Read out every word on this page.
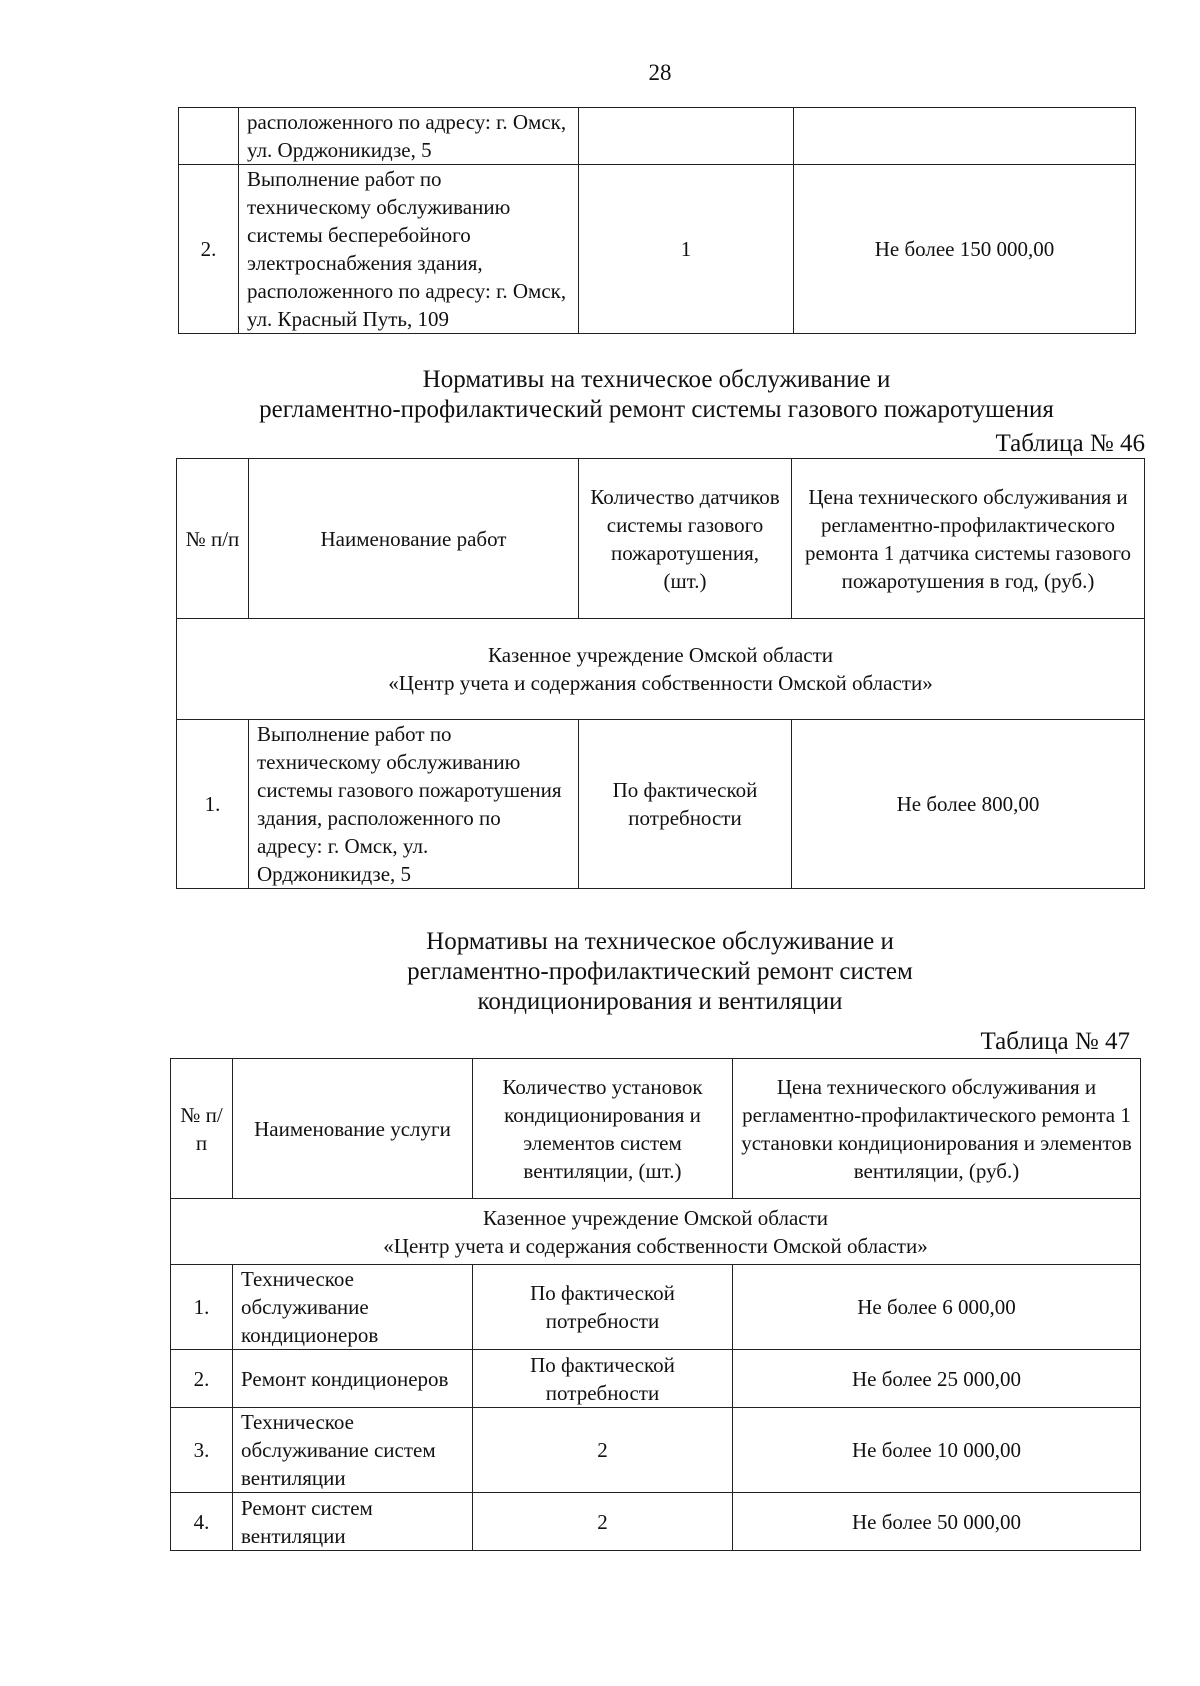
28
	расположенного по адресу: г. Омск, ул. Орджоникидзе, 5		
2.	Выполнение работ по техническому обслуживанию системы бесперебойного электроснабжения здания, расположенного по адресу: г. Омск, ул. Красный Путь, 109	1	Не более 150 000,00
Нормативы на техническое обслуживание и
регламентно-профилактический ремонт системы газового пожаротушения
Таблица № 46
№ п/п	Наименование работ	Количество датчиков системы газового пожаротушения, (шт.)	Цена технического обслуживания и регламентно-профилактического ремонта 1 датчика системы газового пожаротушения в год, (руб.)

Казенное учреждение Омской области
«Центр учета и содержания собственности Омской области»			

1.	Выполнение работ по техническому обслуживанию системы газового пожаротушения здания, расположенного по адресу: г. Омск, ул. Орджоникидзе, 5	По фактической потребности	Не более 800,00
Нормативы на техническое обслуживание и
регламентно-профилактический ремонт систем
кондиционирования и вентиляции
Таблица № 47
№ п/п	Наименование услуги	Количество установок кондиционирования и элементов систем вентиляции, (шт.)	Цена технического обслуживания и регламентно-профилактического ремонта 1 установки кондиционирования и элементов вентиляции, (руб.)

Казенное учреждение Омской области
«Центр учета и содержания собственности Омской области»			

1.	Техническое обслуживание кондиционеров	По фактической потребности	Не более 6 000,00
2.	Ремонт кондиционеров	По фактической потребности	Не более 25 000,00
3.	Техническое обслуживание систем вентиляции	2	Не более 10 000,00
4.	Ремонт систем вентиляции	2	Не более 50 000,00
